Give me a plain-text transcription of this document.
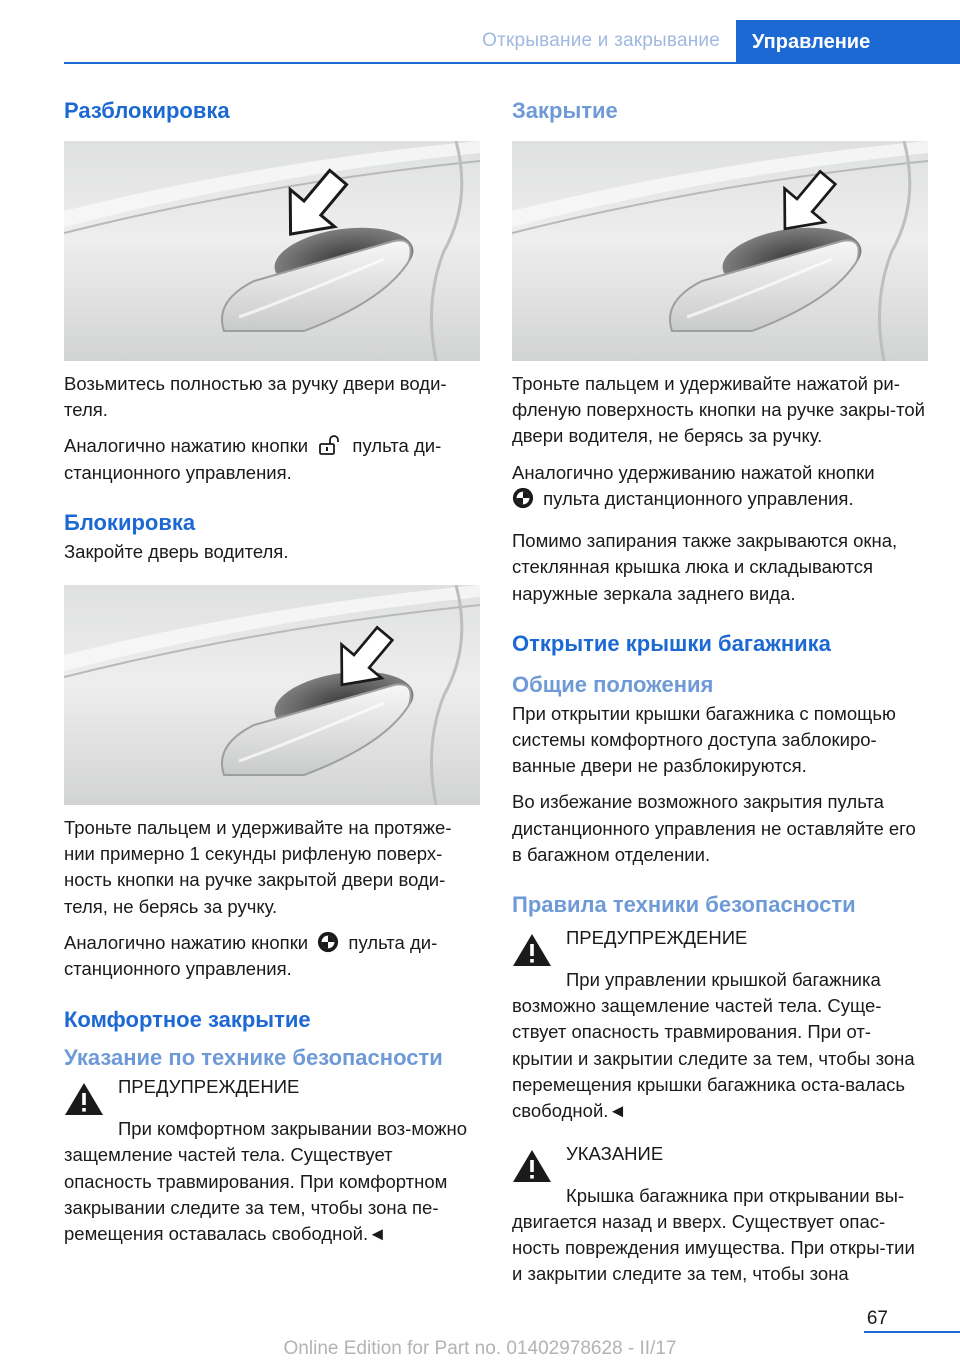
Открывание и закрывание	Управление
Разблокировка

Возьмитесь полностью за ручку двери води-теля.

Аналогично нажатию кнопки пульта ди-станционного управления.

Блокировка

Закройте дверь водителя.

Троньте пальцем и удерживайте на протяже-нии примерно 1 секунды рифленую поверх-ность кнопки на ручке закрытой двери води-теля, не берясь за ручку.

Аналогично нажатию кнопки пульта ди-станционного управления.

Комфортное закрытие
Указание по технике безопасности
ПРЕДУПРЕЖДЕНИЕ

При комфортном закрывании воз-можно защемление частей тела. Существует опасность травмирования. При комфортном закрывании следите за тем, чтобы зона пе-ремещения оставалась свободной.◄

Закрытие

Троньте пальцем и удерживайте нажатой ри-фленую поверхность кнопки на ручке закры-той двери водителя, не берясь за ручку.

Аналогично удерживанию нажатой кнопки
пульта дистанционного управления.

Помимо запирания также закрываются окна, стеклянная крышка люка и складываются наружные зеркала заднего вида.

Открытие крышки багажника
Общие положения

При открытии крышки багажника с помощью системы комфортного доступа заблокиро-ванные двери не разблокируются.

Во избежание возможного закрытия пульта дистанционного управления не оставляйте его в багажном отделении.

Правила техники безопасности
ПРЕДУПРЕЖДЕНИЕ

При управлении крышкой багажника возможно защемление частей тела. Суще-ствует опасность травмирования. При от-крытии и закрытии следите за тем, чтобы зона перемещения крышки багажника оста-валась свободной.◄

УКАЗАНИЕ

Крышка багажника при открывании вы-двигается назад и вверх. Существует опас-ность повреждения имущества. При откры-тии и закрытии следите за тем, чтобы зона

67
Online Edition for Part no. 01402978628 - II/17
